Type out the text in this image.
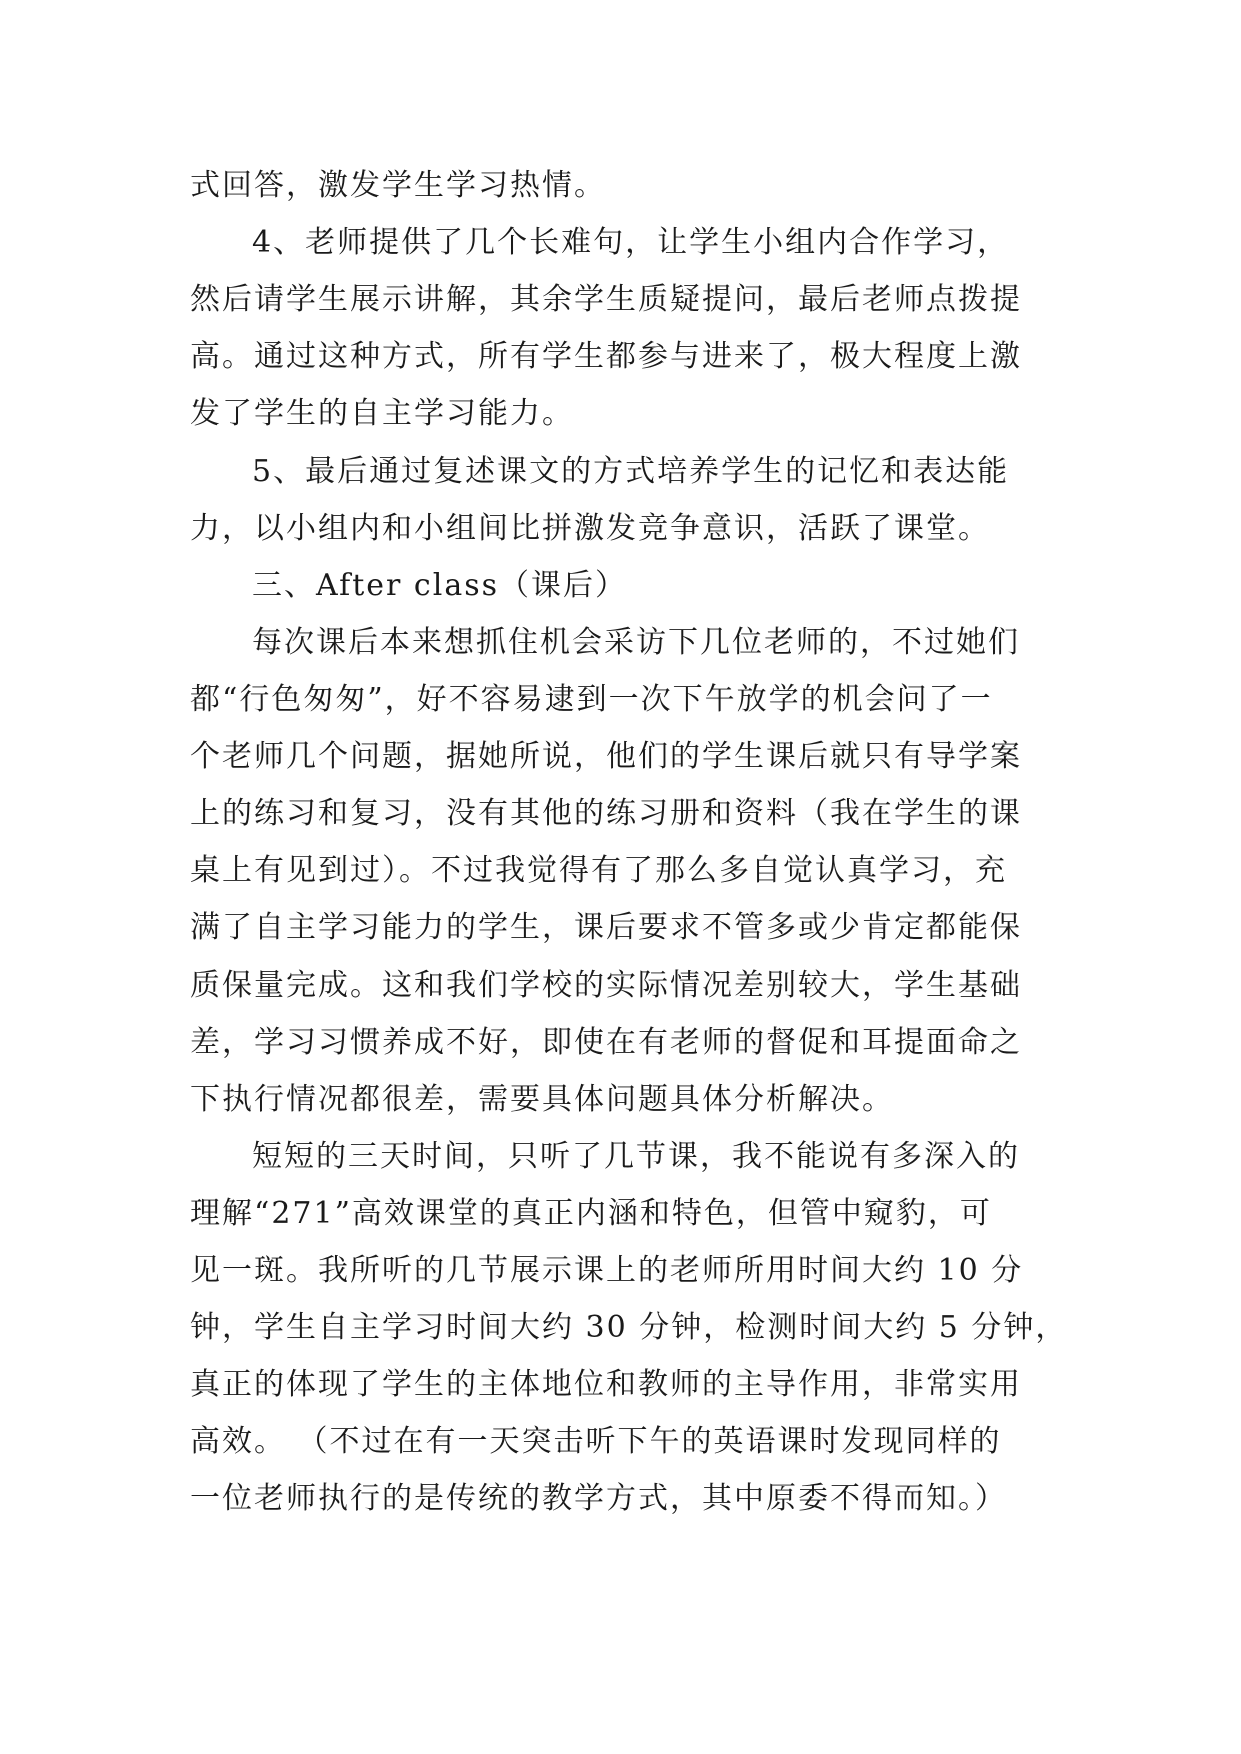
式回答，激发学生学习热情。
4、老师提供了几个长难句，让学生小组内合作学习，
然后请学生展示讲解，其余学生质疑提问，最后老师点拨提
高。通过这种方式，所有学生都参与进来了，极大程度上激
发了学生的自主学习能力。
5、最后通过复述课文的方式培养学生的记忆和表达能
力，以小组内和小组间比拼激发竞争意识，活跃了课堂。
三、After class（课后）
每次课后本来想抓住机会采访下几位老师的，不过她们
都“行色匆匆”，好不容易逮到一次下午放学的机会问了一
个老师几个问题，据她所说，他们的学生课后就只有导学案
上的练习和复习，没有其他的练习册和资料（我在学生的课
桌上有见到过）。不过我觉得有了那么多自觉认真学习，充
满了自主学习能力的学生，课后要求不管多或少肯定都能保
质保量完成。这和我们学校的实际情况差别较大，学生基础
差，学习习惯养成不好，即使在有老师的督促和耳提面命之
下执行情况都很差，需要具体问题具体分析解决。
短短的三天时间，只听了几节课，我不能说有多深入的
理解“271”高效课堂的真正内涵和特色，但管中窥豹，可
见一斑。我所听的几节展示课上的老师所用时间大约 10 分
钟，学生自主学习时间大约 30 分钟，检测时间大约 5 分钟，
真正的体现了学生的主体地位和教师的主导作用，非常实用
高效。 （不过在有一天突击听下午的英语课时发现同样的
一位老师执行的是传统的教学方式，其中原委不得而知。）
